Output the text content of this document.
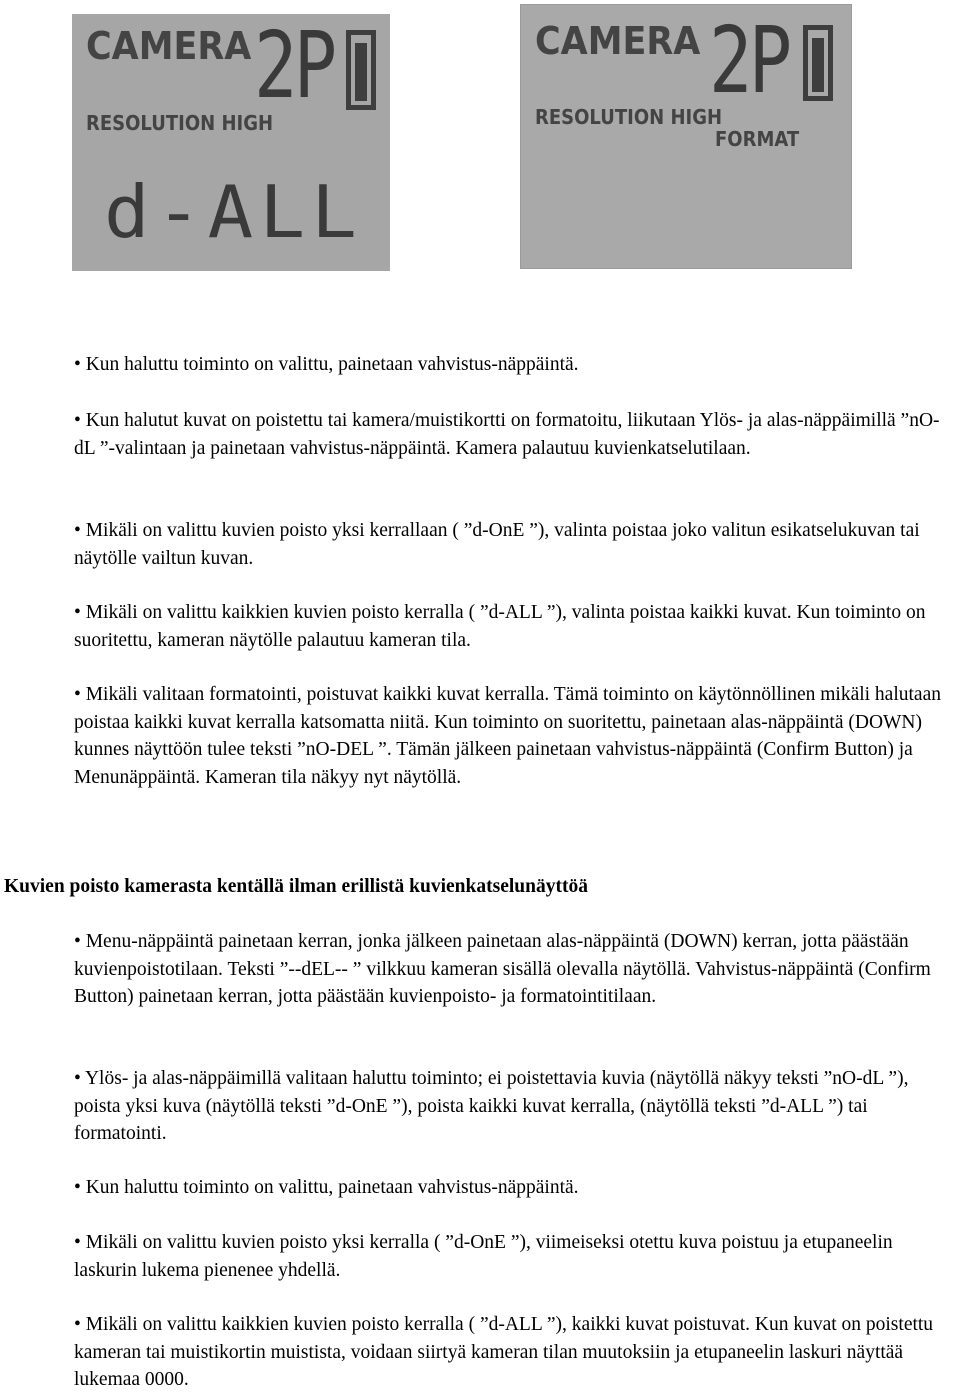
CAMERA 2P
RESOLUTION HIGH
d-ALL
CAMERA 2P
RESOLUTION HIGH
FORMAT

• Kun haluttu toiminto on valittu, painetaan vahvistus-näppäintä.

• Kun halutut kuvat on poistettu tai kamera/muistikortti on formatoitu, liikutaan Ylös- ja alas-näppäimillä ”nO-dL ”-valintaan ja painetaan vahvistus-näppäintä. Kamera palautuu kuvienkatselutilaan.

• Mikäli on valittu kuvien poisto yksi kerrallaan ( ”d-OnE ”), valinta poistaa joko valitun esikatselukuvan tai näytölle vailtun kuvan.

• Mikäli on valittu kaikkien kuvien poisto kerralla ( ”d-ALL ”), valinta poistaa kaikki kuvat. Kun toiminto on suoritettu, kameran näytölle palautuu kameran tila.

• Mikäli valitaan formatointi, poistuvat kaikki kuvat kerralla. Tämä toiminto on käytönnöllinen mikäli halutaan poistaa kaikki kuvat kerralla katsomatta niitä. Kun toiminto on suoritettu, painetaan alas-näppäintä (DOWN) kunnes näyttöön tulee teksti ”nO-DEL ”. Tämän jälkeen painetaan vahvistus-näppäintä (Confirm Button) ja Menunäppäintä. Kameran tila näkyy nyt näytöllä.

Kuvien poisto kamerasta kentällä ilman erillistä kuvienkatselunäyttöä

• Menu-näppäintä painetaan kerran, jonka jälkeen painetaan alas-näppäintä (DOWN) kerran, jotta päästään kuvienpoistotilaan. Teksti ”--dEL-- ” vilkkuu kameran sisällä olevalla näytöllä. Vahvistus-näppäintä (Confirm Button) painetaan kerran, jotta päästään kuvienpoisto- ja formatointitilaan.

• Ylös- ja alas-näppäimillä valitaan haluttu toiminto; ei poistettavia kuvia (näytöllä näkyy teksti ”nO-dL ”), poista yksi kuva (näytöllä teksti ”d-OnE ”), poista kaikki kuvat kerralla, (näytöllä teksti ”d-ALL ”) tai formatointi.

• Kun haluttu toiminto on valittu, painetaan vahvistus-näppäintä.

• Mikäli on valittu kuvien poisto yksi kerralla ( ”d-OnE ”), viimeiseksi otettu kuva poistuu ja etupaneelin laskurin lukema pienenee yhdellä.

• Mikäli on valittu kaikkien kuvien poisto kerralla ( ”d-ALL ”), kaikki kuvat poistuvat. Kun kuvat on poistettu kameran tai muistikortin muistista, voidaan siirtyä kameran tilan muutoksiin ja etupaneelin laskuri näyttää lukemaa 0000.
